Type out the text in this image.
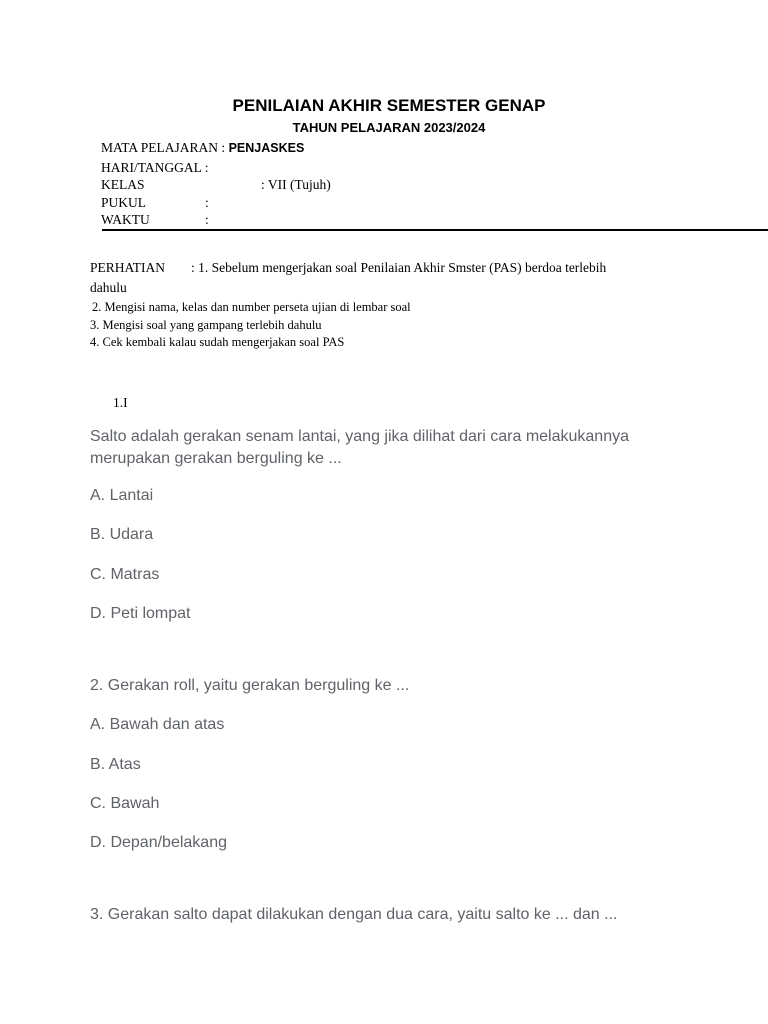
PENILAIAN AKHIR SEMESTER GENAP
TAHUN PELAJARAN 2023/2024
MATA PELAJARAN : PENJASKES
HARI/TANGGAL :
KELAS	: VII (Tujuh)
PUKUL	:
WAKTU	:
PERHATIAN : 1. Sebelum mengerjakan soal Penilaian Akhir Smster (PAS) berdoa terlebih
dahulu
2. Mengisi nama, kelas dan number perseta ujian di lembar soal
3. Mengisi soal yang gampang terlebih dahulu
4. Cek kembali kalau sudah mengerjakan soal PAS
1.I
Salto adalah gerakan senam lantai, yang jika dilihat dari cara melakukannya merupakan gerakan berguling ke ...
A. Lantai
B. Udara
C. Matras
D. Peti lompat
2. Gerakan roll, yaitu gerakan berguling ke ...
A. Bawah dan atas
B. Atas
C. Bawah
D. Depan/belakang
3. Gerakan salto dapat dilakukan dengan dua cara, yaitu salto ke ... dan ...
